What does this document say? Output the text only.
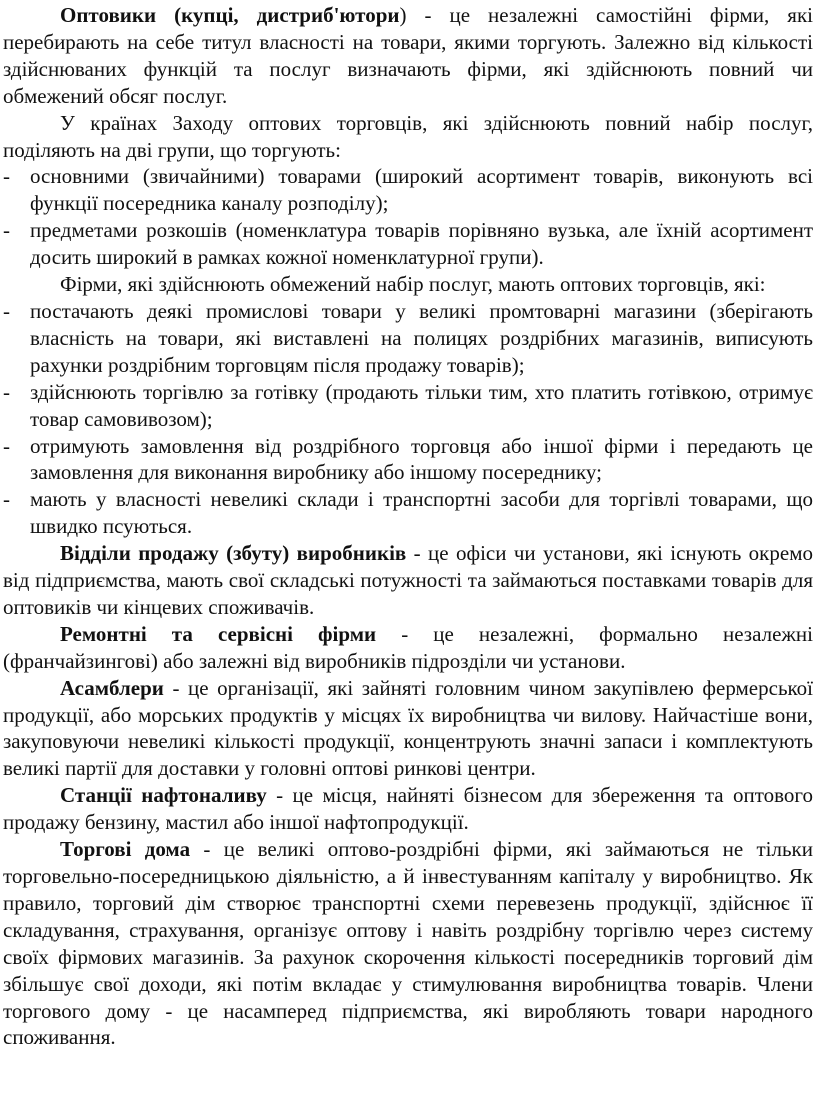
Оптовики (купці, дистриб'ютори) - це незалежні самостійні фірми, які перебирають на себе титул власності на товари, якими торгують. Залежно від кількості здійснюваних функцій та послуг визначають фірми, які здійснюють повний чи обмежений обсяг послуг.

У країнах Заходу оптових торговців, які здійснюють повний набір послуг, поділяють на дві групи, що торгують:

- основними (звичайними) товарами (широкий асортимент товарів, виконують всі функції посередника каналу розподілу);
- предметами розкошів (номенклатура товарів порівняно вузька, але їхній асортимент досить широкий в рамках кожної номенклатурної групи).

Фірми, які здійснюють обмежений набір послуг, мають оптових торговців, які:

- постачають деякі промислові товари у великі промтоварні магазини (зберігають власність на товари, які виставлені на полицях роздрібних магазинів, виписують рахунки роздрібним торговцям після продажу товарів);
- здійснюють торгівлю за готівку (продають тільки тим, хто платить готівкою, отримує товар самовивозом);
- отримують замовлення від роздрібного торговця або іншої фірми і передають це замовлення для виконання виробнику або іншому посереднику;
- мають у власності невеликі склади і транспортні засоби для торгівлі товарами, що швидко псуються.

Відділи продажу (збуту) виробників - це офіси чи установи, які існують окремо від підприємства, мають свої складські потужності та займаються поставками товарів для оптовиків чи кінцевих споживачів.

Ремонтні та сервісні фірми - це незалежні, формально незалежні (франчайзингові) або залежні від виробників підрозділи чи установи.

Асамблери - це організації, які зайняті головним чином закупівлею фермерської продукції, або морських продуктів у місцях їх виробництва чи вилову. Найчастіше вони, закуповуючи невеликі кількості продукції, концентрують значні запаси і комплектують великі партії для доставки у головні оптові ринкові центри.

Станції нафтоналиву - це місця, найняті бізнесом для збереження та оптового продажу бензину, мастил або іншої нафтопродукції.

Торгові дома - це великі оптово-роздрібні фірми, які займаються не тільки торговельно-посередницькою діяльністю, а й інвестуванням капіталу у виробництво. Як правило, торговий дім створює транспортні схеми перевезень продукції, здійснює її складування, страхування, організує оптову і навіть роздрібну торгівлю через систему своїх фірмових магазинів. За рахунок скорочення кількості посередників торговий дім збільшує свої доходи, які потім вкладає у стимулювання виробництва товарів. Члени торгового дому - це насамперед підприємства, які виробляють товари народного споживання.
